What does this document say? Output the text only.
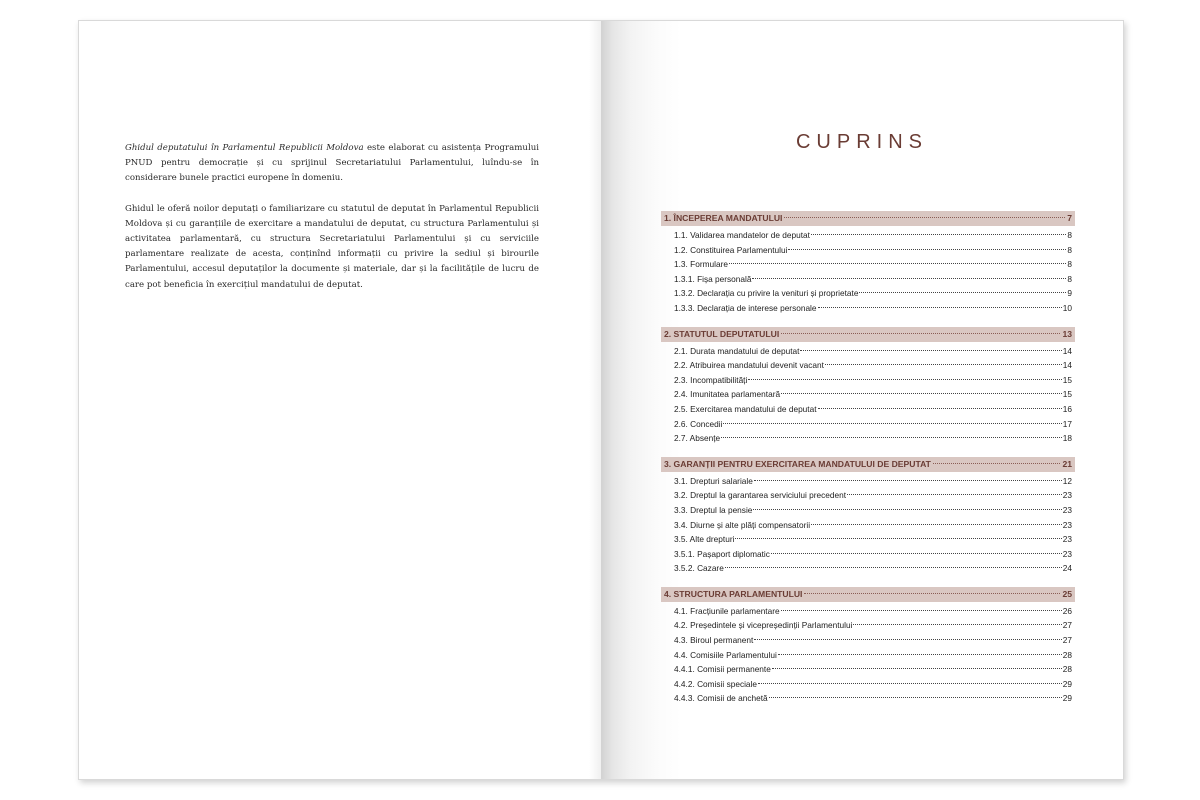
Ghidul deputatului în Parlamentul Republicii Moldova este elaborat cu asistența Programului PNUD pentru democrație și cu sprijinul Secretariatului Parlamentului, luîndu-se în considerare bunele practici europene în domeniu.

Ghidul le oferă noilor deputați o familiarizare cu statutul de deputat în Parlamentul Republicii Moldova și cu garanțiile de exercitare a mandatului de deputat, cu structura Parlamentului și activitatea parlamentară, cu structura Secretariatului Parlamentului și cu serviciile parlamentare realizate de acesta, conținînd informații cu privire la sediul și birourile Parlamentului, accesul deputaților la documente și materiale, dar și la facilitățile de lucru de care pot beneficia în exercițiul mandatului de deputat.

CUPRINS
1. ÎNCEPEREA MANDATULUI	7
1.1. Validarea mandatelor de deputat	8
1.2. Constituirea Parlamentului	8
1.3. Formulare	8
1.3.1. Fișa personală	8
1.3.2. Declarația cu privire la venituri și proprietate	9
1.3.3. Declarația de interese personale	10
2. STATUTUL DEPUTATULUI	13
2.1. Durata mandatului de deputat	14
2.2. Atribuirea mandatului devenit vacant	14
2.3. Incompatibilități	15
2.4. Imunitatea parlamentară	15
2.5. Exercitarea mandatului de deputat	16
2.6. Concedii	17
2.7. Absențe	18
3. GARANȚII PENTRU EXERCITAREA MANDATULUI DE DEPUTAT	21
3.1. Drepturi salariale	12
3.2. Dreptul la garantarea serviciului precedent	23
3.3. Dreptul la pensie	23
3.4. Diurne și alte plăți compensatorii	23
3.5. Alte drepturi	23
3.5.1. Pașaport diplomatic	23
3.5.2. Cazare	24
4. STRUCTURA PARLAMENTULUI	25
4.1. Fracțiunile parlamentare	26
4.2. Președintele și vicepreședinții Parlamentului	27
4.3. Biroul permanent	27
4.4. Comisiile Parlamentului	28
4.4.1. Comisii permanente	28
4.4.2. Comisii speciale	29
4.4.3. Comisii de anchetă	29
